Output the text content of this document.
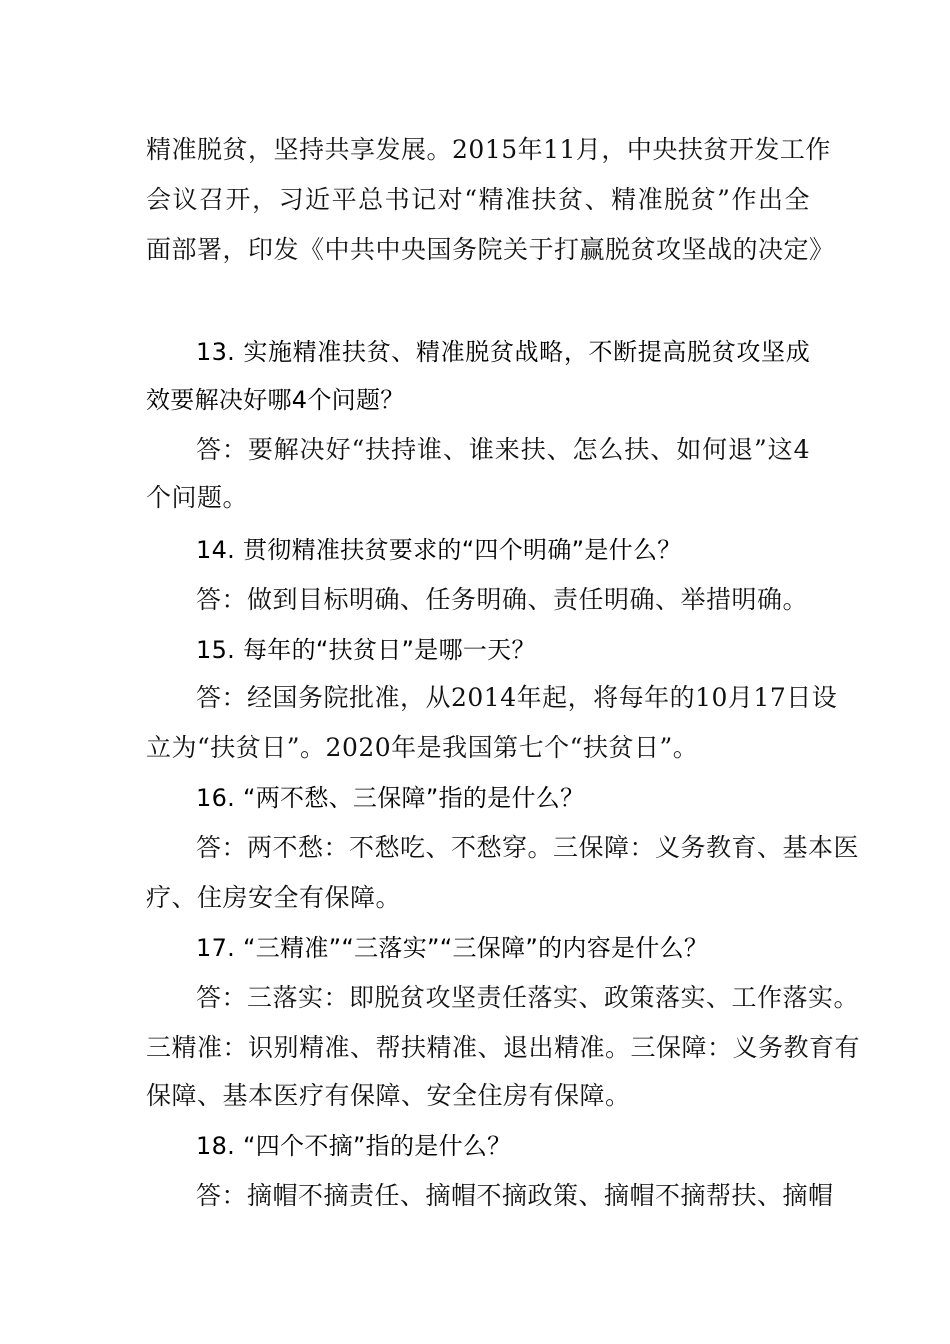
精准脱贫，坚持共享发展。2015年11月，中央扶贫开发工作
会议召开，习近平总书记对“精准扶贫、精准脱贫”作出全
面部署，印发《中共中央国务院关于打赢脱贫攻坚战的决定》
13. 实施精准扶贫、精准脱贫战略，不断提高脱贫攻坚成
效要解决好哪4个问题？
答：要解决好“扶持谁、谁来扶、怎么扶、如何退”这4
个问题。
14. 贯彻精准扶贫要求的“四个明确”是什么？
答：做到目标明确、任务明确、责任明确、举措明确。
15. 每年的“扶贫日”是哪一天？
答：经国务院批准，从2014年起，将每年的10月17日设
立为“扶贫日”。2020年是我国第七个“扶贫日”。
16. “两不愁、三保障”指的是什么？
答：两不愁：不愁吃、不愁穿。三保障：义务教育、基本医
疗、住房安全有保障。
17. “三精准”“三落实”“三保障”的内容是什么？
答：三落实：即脱贫攻坚责任落实、政策落实、工作落实。
三精准：识别精准、帮扶精准、退出精准。三保障：义务教育有
保障、基本医疗有保障、安全住房有保障。
18. “四个不摘”指的是什么？
答：摘帽不摘责任、摘帽不摘政策、摘帽不摘帮扶、摘帽
